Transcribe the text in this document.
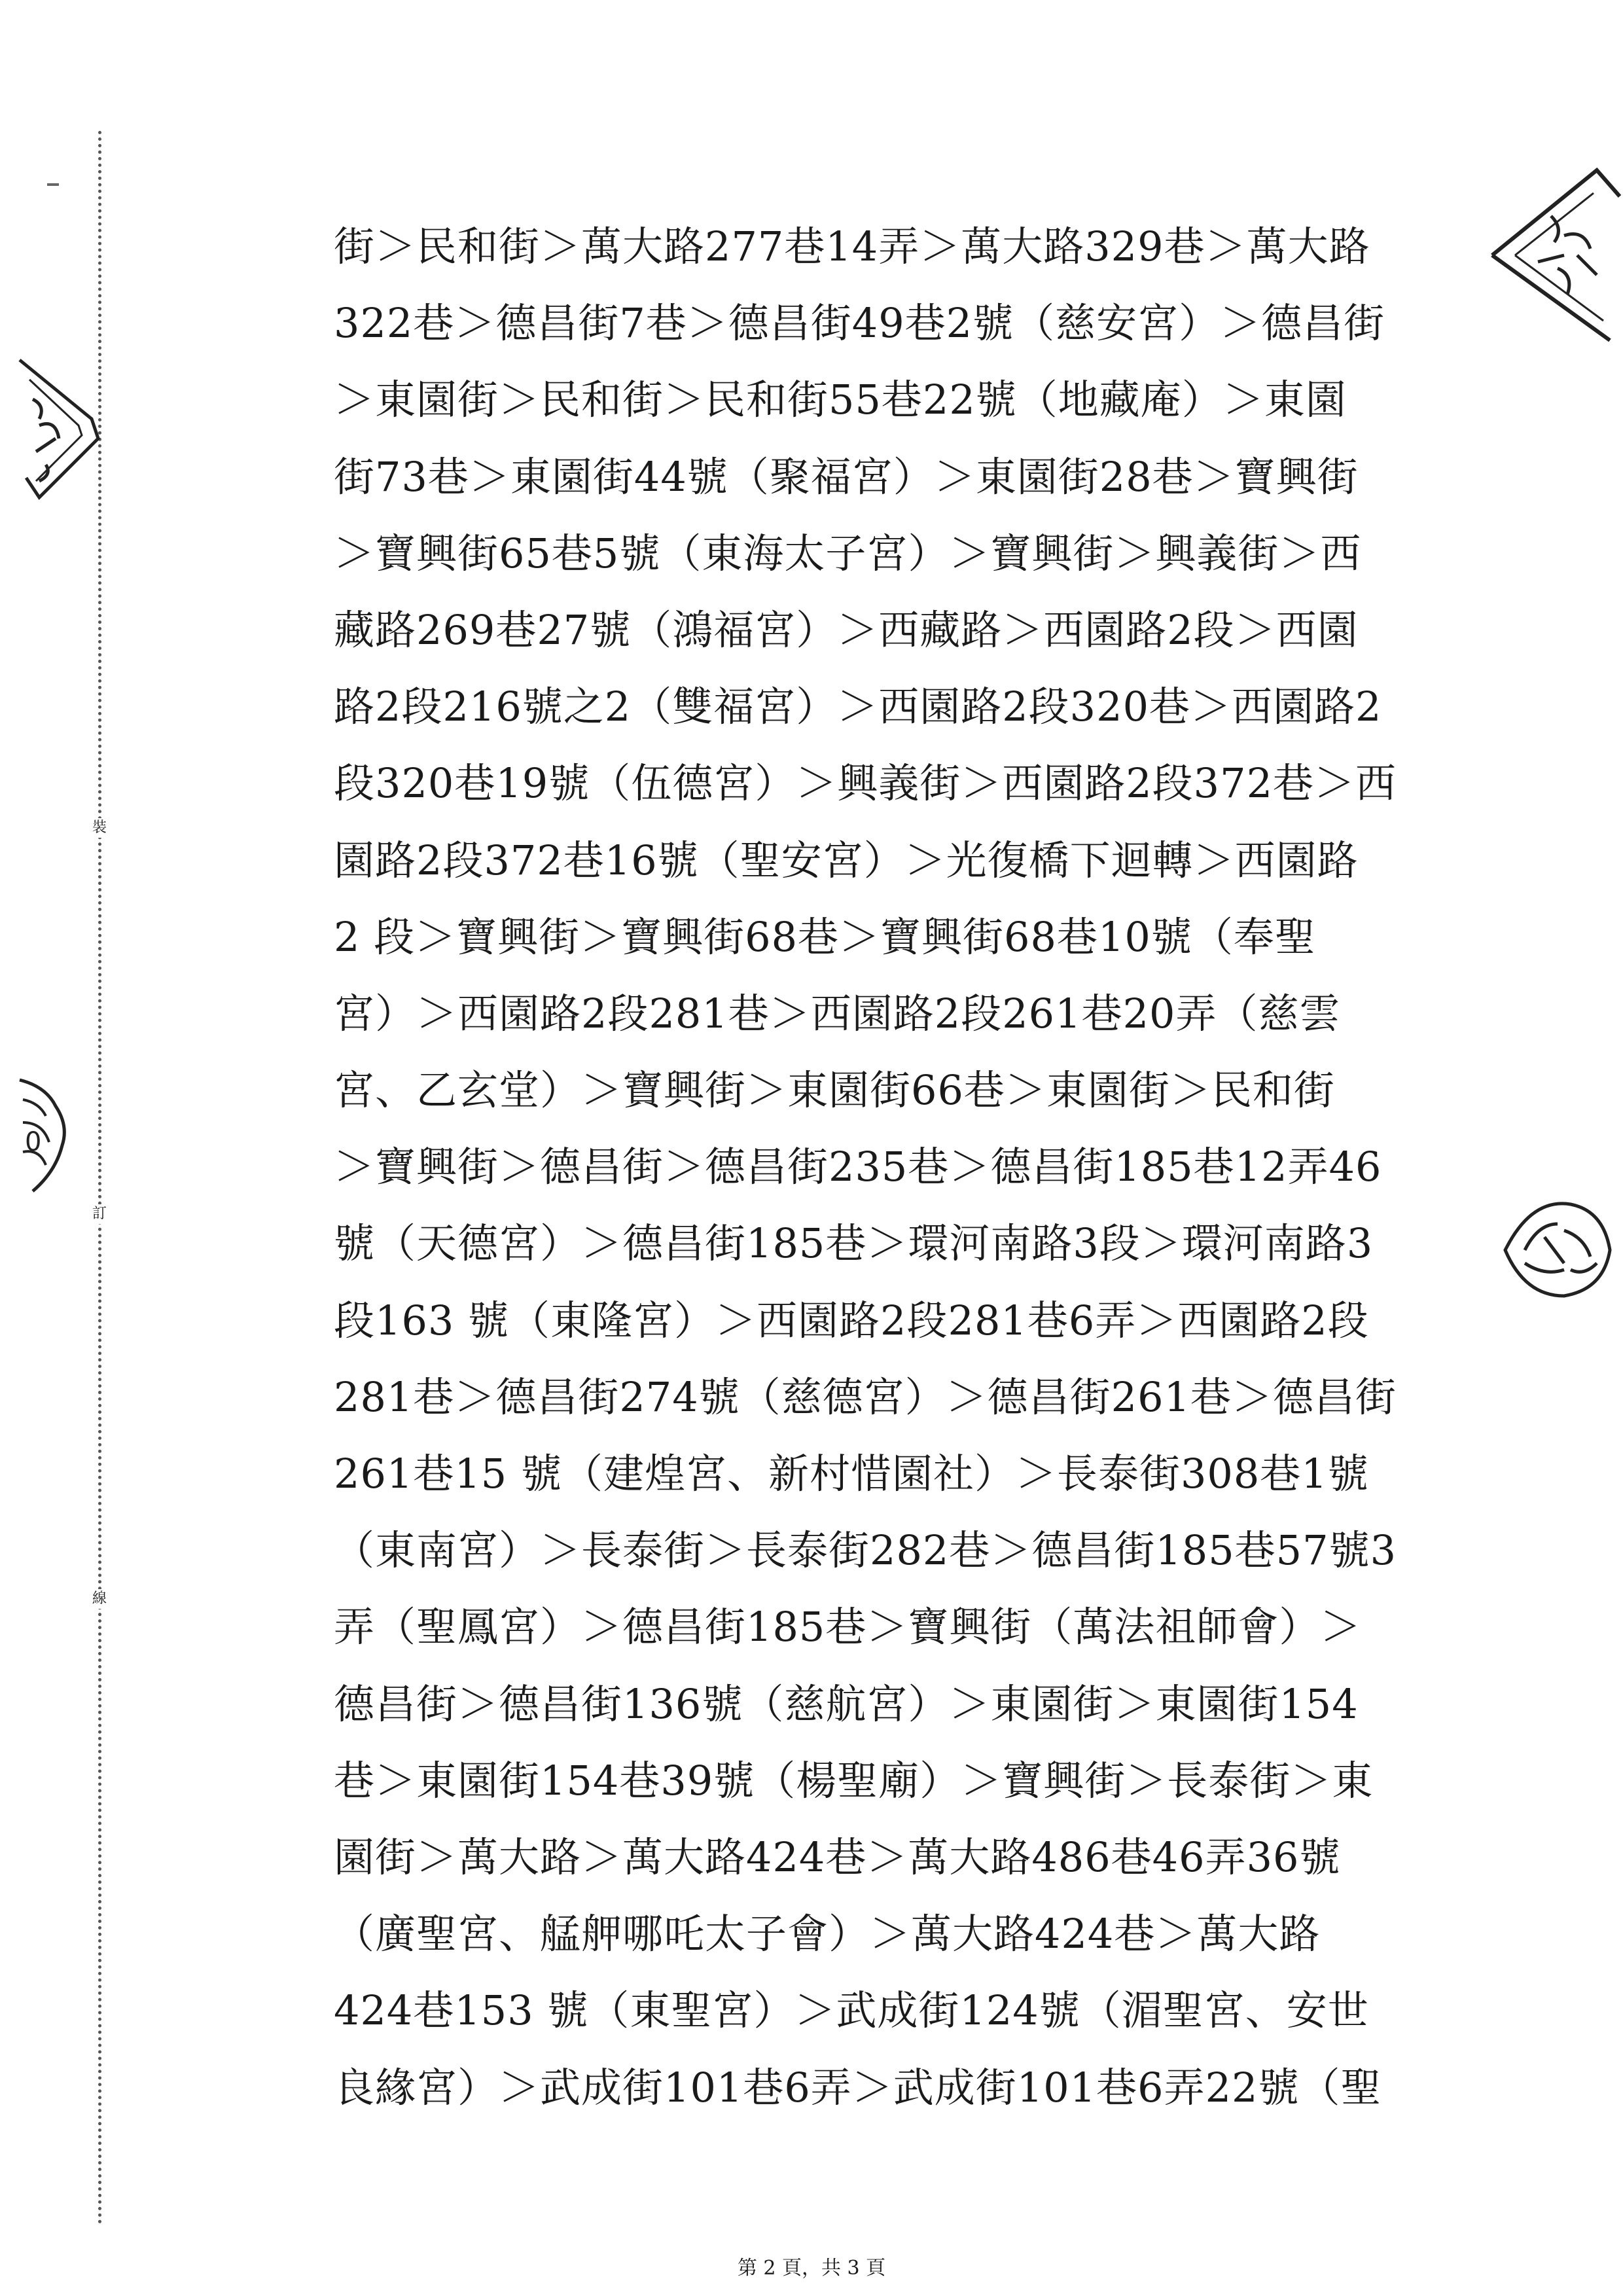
裝
訂
線
0
街＞民和街＞萬大路277巷14弄＞萬大路329巷＞萬大路
322巷＞德昌街7巷＞德昌街49巷2號（慈安宮）＞德昌街
＞東園街＞民和街＞民和街55巷22號（地藏庵）＞東園
街73巷＞東園街44號（聚福宮）＞東園街28巷＞寶興街
＞寶興街65巷5號（東海太子宮）＞寶興街＞興義街＞西
藏路269巷27號（鴻福宮）＞西藏路＞西園路2段＞西園
路2段216號之2（雙福宮）＞西園路2段320巷＞西園路2
段320巷19號（伍德宮）＞興義街＞西園路2段372巷＞西
園路2段372巷16號（聖安宮）＞光復橋下迴轉＞西園路
2 段＞寶興街＞寶興街68巷＞寶興街68巷10號（奉聖
宮）＞西園路2段281巷＞西園路2段261巷20弄（慈雲
宮、乙玄堂）＞寶興街＞東園街66巷＞東園街＞民和街
＞寶興街＞德昌街＞德昌街235巷＞德昌街185巷12弄46
號（天德宮）＞德昌街185巷＞環河南路3段＞環河南路3
段163 號（東隆宮）＞西園路2段281巷6弄＞西園路2段
281巷＞德昌街274號（慈德宮）＞德昌街261巷＞德昌街
261巷15 號（建煌宮、新村惜園社）＞長泰街308巷1號
（東南宮）＞長泰街＞長泰街282巷＞德昌街185巷57號3
弄（聖鳳宮）＞德昌街185巷＞寶興街（萬法祖師會）＞
德昌街＞德昌街136號（慈航宮）＞東園街＞東園街154
巷＞東園街154巷39號（楊聖廟）＞寶興街＞長泰街＞東
園街＞萬大路＞萬大路424巷＞萬大路486巷46弄36號
（廣聖宮、艋舺哪吒太子會）＞萬大路424巷＞萬大路
424巷153 號（東聖宮）＞武成街124號（湄聖宮、安世
良緣宮）＞武成街101巷6弄＞武成街101巷6弄22號（聖
第 2 頁，共 3 頁
